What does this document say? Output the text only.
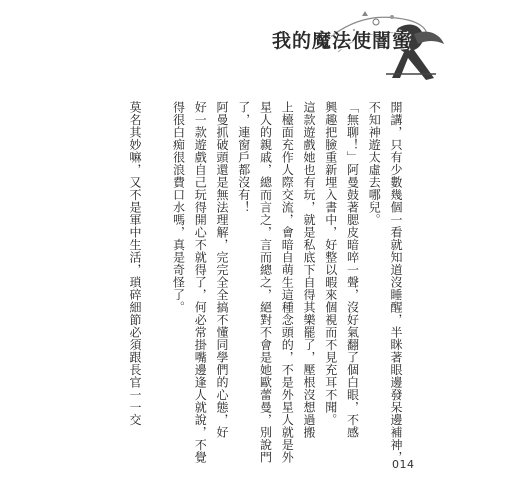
我的魔法使闇蜜
開講，只有少數幾個一看就知道沒睡醒，半眯著眼邊發呆邊補神，
不知神遊太虛去哪兒。
「無聊！」阿曼鼓著腮皮暗啐一聲，沒好氣翻了個白眼，不感
興趣把臉重新埋入書中，好整以暇來個視而不見充耳不聞。
這款遊戲她也有玩，就是私底下自得其樂罷了，壓根沒想過搬
上檯面充作人際交流，會暗自萌生這種念頭的，不是外星人就是外
星人的親戚，總而言之，言而總之，絕對不會是她歐蕾曼，別說門
了，連窗戶都沒有！
阿曼抓破頭還是無法理解，完完全全搞不懂同學們的心態，好
好一款遊戲自己玩得開心不就得了，何必常掛嘴邊逢人就說，不覺
得很白痴很浪費口水嗎，真是奇怪了。
莫名其妙嘛，又不是軍中生活，瑣碎細節必須跟長官一一交
014
